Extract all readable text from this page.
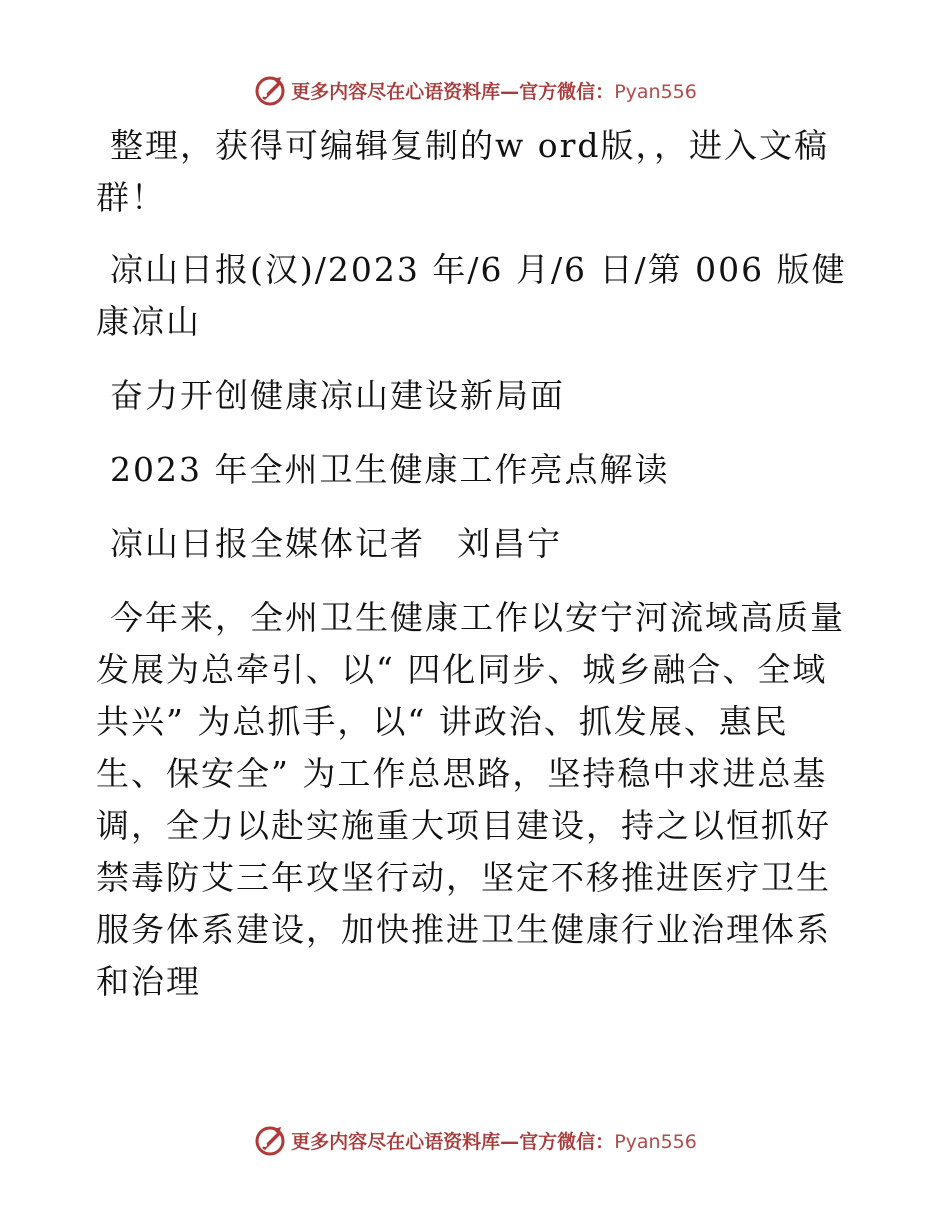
更多内容尽在心语资料库—官方微信：Pyan556

整理，获得可编辑复制的w ord版，，进入文稿群！

凉山日报(汉)/2023 年/6 月/6 日/第 006 版健康凉山

奋力开创健康凉山建设新局面

2023 年全州卫生健康工作亮点解读

凉山日报全媒体记者 刘昌宁

今年来，全州卫生健康工作以安宁河流域高质量发展为总牵引、以“ 四化同步、城乡融合、全域共兴” 为总抓手，以“ 讲政治、抓发展、惠民生、保安全” 为工作总思路，坚持稳中求进总基调，全力以赴实施重大项目建设，持之以恒抓好禁毒防艾三年攻坚行动，坚定不移推进医疗卫生服务体系建设，加快推进卫生健康行业治理体系和治理

更多内容尽在心语资料库—官方微信：Pyan556
